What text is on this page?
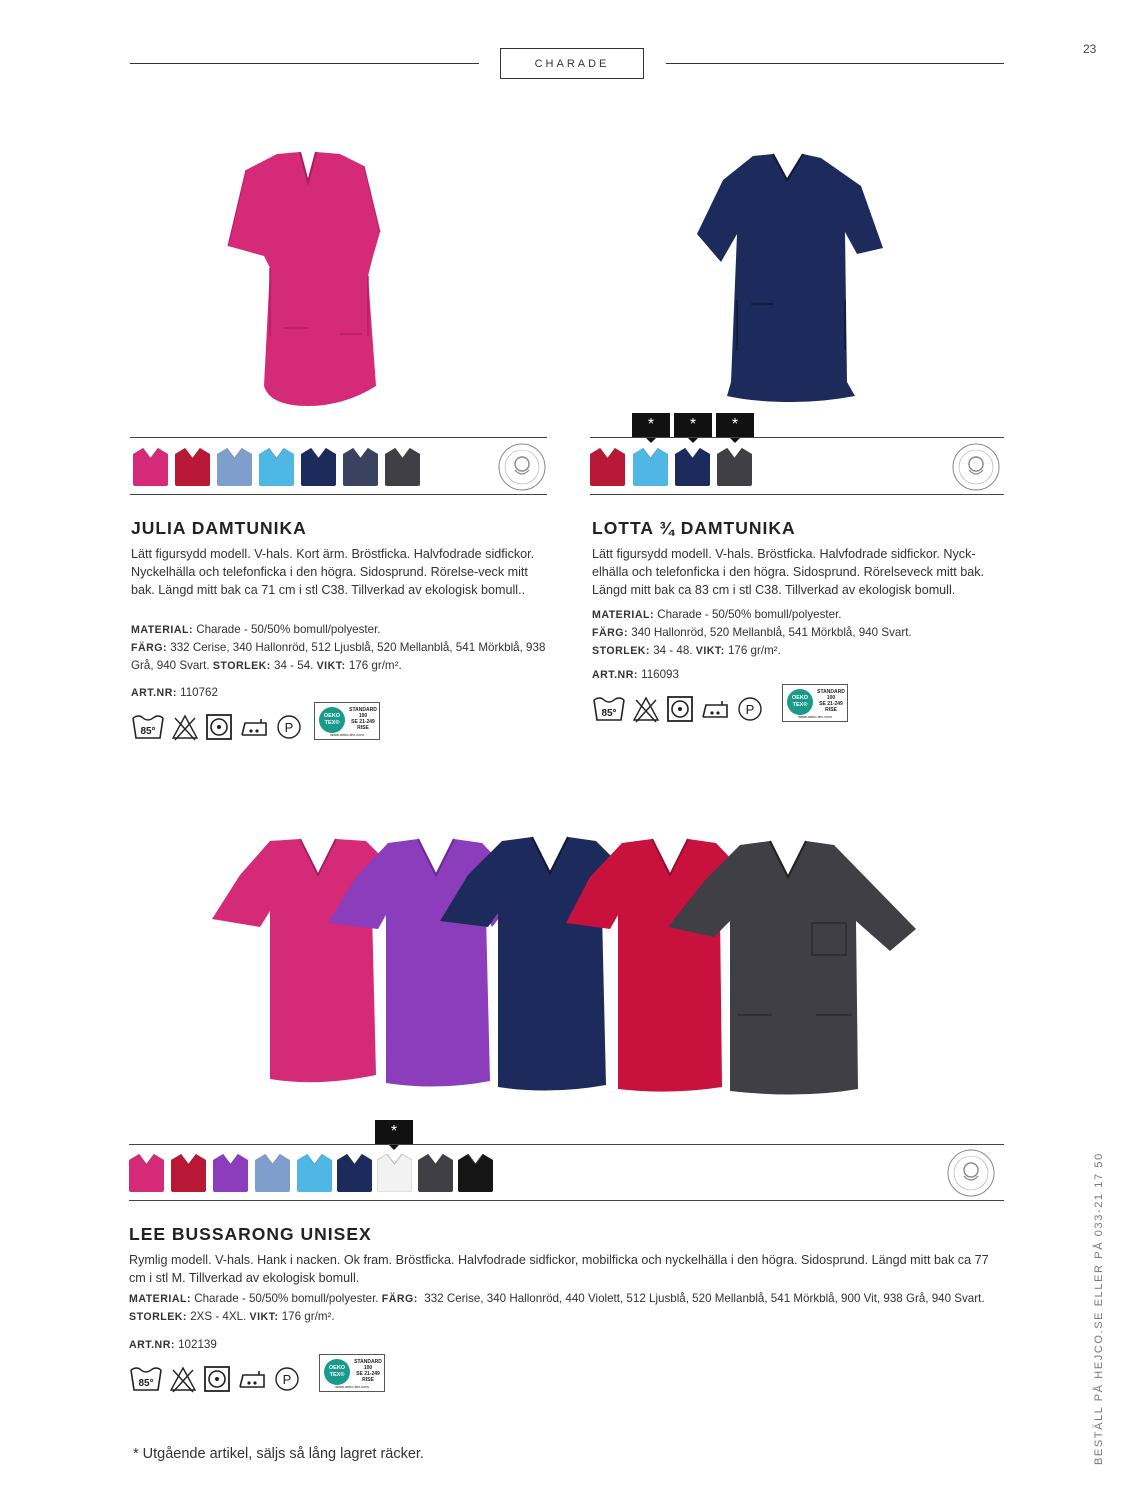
23
CHARADE
*	*	*
JULIA DAMTUNIKA
Lätt figursydd modell. V-hals. Kort ärm. Bröstficka. Halvfodrade sidfickor. Nyckelhälla och telefonficka i den högra. Sidosprund. Rörelse-veck mitt bak. Längd mitt bak ca 71 cm i stl C38. Tillverkad av ekologisk bomull..
MATERIAL: Charade - 50/50% bomull/polyester.
FÄRG: 332 Cerise, 340 Hallonröd, 512 Ljusblå, 520 Mellanblå, 541 Mörkblå, 938 Grå, 940 Svart. STORLEK: 34 - 54. VIKT: 176 gr/m².
ART.NR: 110762
85°	P
OEKO TEX®
STANDARD 100
SE 21-249 RISE
www.oeko-tex.com
LOTTA ¾ DAMTUNIKA
Lätt figursydd modell. V-hals. Bröstficka. Halvfodrade sidfickor. Nyck-elhälla och telefonficka i den högra. Sidosprund. Rörelseveck mitt bak. Längd mitt bak ca 83 cm i stl C38. Tillverkad av ekologisk bomull.
MATERIAL: Charade - 50/50% bomull/polyester.
FÄRG: 340 Hallonröd, 520 Mellanblå, 541 Mörkblå, 940 Svart.
STORLEK: 34 - 48. VIKT: 176 gr/m².
ART.NR: 116093
85°	P
OEKO TEX®
STANDARD 100
SE 21-249 RISE
www.oeko-tex.com
*
LEE BUSSARONG UNISEX
Rymlig modell. V-hals. Hank i nacken. Ok fram. Bröstficka. Halvfodrade sidfickor, mobilficka och nyckelhälla i den högra. Sidosprund. Längd mitt bak ca 77 cm i stl M. Tillverkad av ekologisk bomull.
MATERIAL: Charade - 50/50% bomull/polyester. FÄRG: 332 Cerise, 340 Hallonröd, 440 Violett, 512 Ljusblå, 520 Mellanblå, 541 Mörkblå, 900 Vit, 938 Grå, 940 Svart. STORLEK: 2XS - 4XL. VIKT: 176 gr/m².
ART.NR: 102139
85°	P
OEKO TEX®
STANDARD 100
SE 21-249 RISE
www.oeko-tex.com
* Utgående artikel, säljs så lång lagret räcker.	BESTÄLL PÅ HEJCO.SE ELLER PÅ 033-21 17 50
